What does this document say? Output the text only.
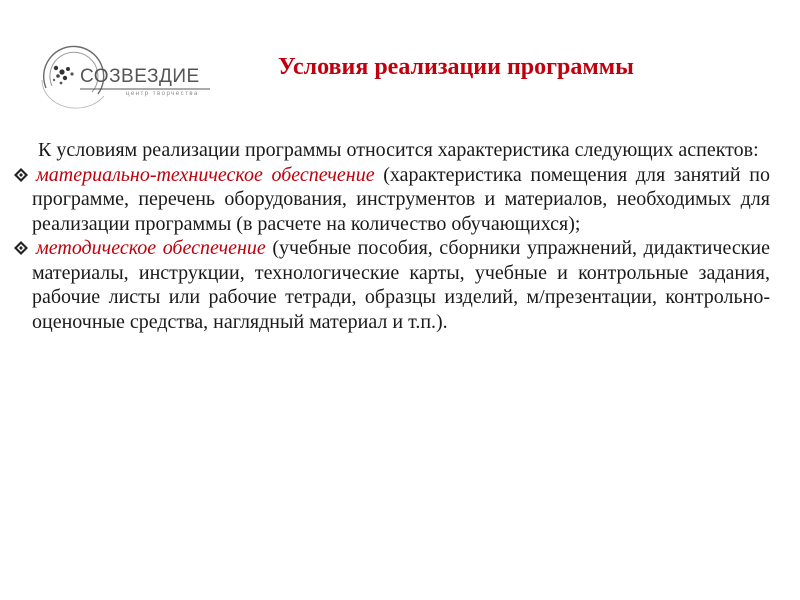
СОЗВЕЗДИЕ
центр творчества
Условия реализации программы

К условиям реализации программы относится характеристика следующих аспектов:

материально-техническое обеспечение (характеристика помещения для занятий по программе, перечень оборудования, инструментов и материалов, необходимых для реализации программы (в расчете на количество обучающихся);

методическое обеспечение (учебные пособия, сборники упражнений, дидактические материалы, инструкции, технологические карты, учебные и контрольные задания, рабочие листы или рабочие тетради, образцы изделий, м/презентации, контрольно-оценочные средства, наглядный материал и т.п.).
